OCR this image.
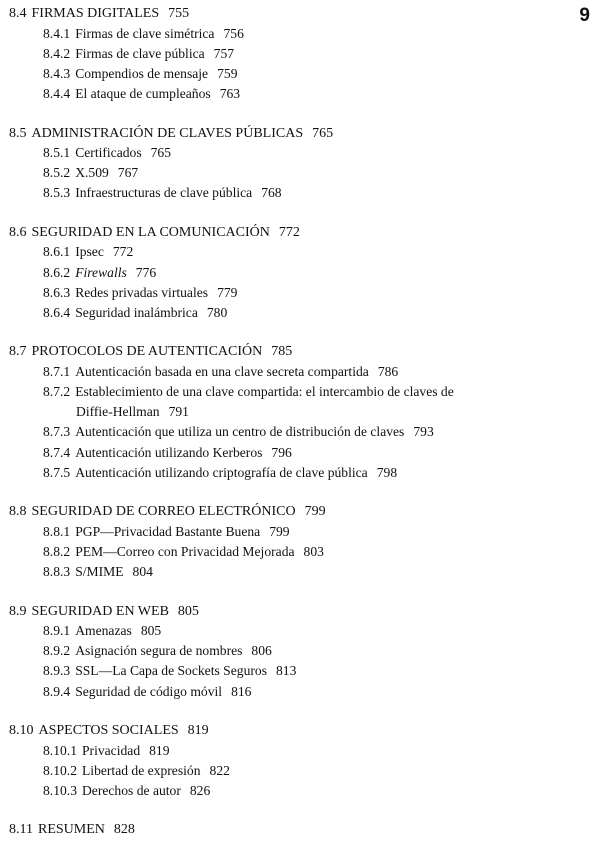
9
8.4 FIRMAS DIGITALES 755
8.4.1 Firmas de clave simétrica 756
8.4.2 Firmas de clave pública 757
8.4.3 Compendios de mensaje 759
8.4.4 El ataque de cumpleaños 763
8.5 ADMINISTRACIÓN DE CLAVES PÚBLICAS 765
8.5.1 Certificados 765
8.5.2 X.509 767
8.5.3 Infraestructuras de clave pública 768
8.6 SEGURIDAD EN LA COMUNICACIÓN 772
8.6.1 Ipsec 772
8.6.2 Firewalls 776
8.6.3 Redes privadas virtuales 779
8.6.4 Seguridad inalámbrica 780
8.7 PROTOCOLOS DE AUTENTICACIÓN 785
8.7.1 Autenticación basada en una clave secreta compartida 786
8.7.2 Establecimiento de una clave compartida: el intercambio de claves de
Diffie-Hellman 791
8.7.3 Autenticación que utiliza un centro de distribución de claves 793
8.7.4 Autenticación utilizando Kerberos 796
8.7.5 Autenticación utilizando criptografía de clave pública 798
8.8 SEGURIDAD DE CORREO ELECTRÓNICO 799
8.8.1 PGP—Privacidad Bastante Buena 799
8.8.2 PEM—Correo con Privacidad Mejorada 803
8.8.3 S/MIME 804
8.9 SEGURIDAD EN WEB 805
8.9.1 Amenazas 805
8.9.2 Asignación segura de nombres 806
8.9.3 SSL—La Capa de Sockets Seguros 813
8.9.4 Seguridad de código móvil 816
8.10 ASPECTOS SOCIALES 819
8.10.1 Privacidad 819
8.10.2 Libertad de expresión 822
8.10.3 Derechos de autor 826
8.11 RESUMEN 828
